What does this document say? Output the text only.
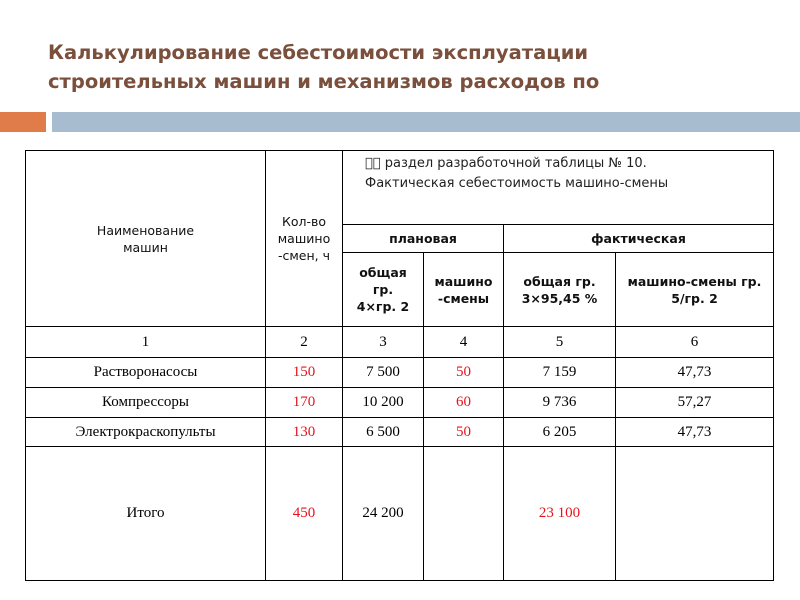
Калькулирование себестоимости эксплуатации
строительных машин и механизмов расходов по
Наименование машин	Кол-во машино -смен, ч	   раздел разработочной таблицы № 10.
Фактическая себестоимость машино-смены			

		плановая		фактическая	
		общая гр. 4×гр. 2	машино -смены	общая гр. 3×95,45 %	машино-смены гр. 5/гр. 2
1	2	3	4	5	6
Растворонасосы	150	7 500	50	7 159	47,73
Компрессоры	170	10 200	60	9 736	57,27
Электрокраскопульты	130	6 500	50	6 205	47,73
Итого	450	24 200		23 100	
